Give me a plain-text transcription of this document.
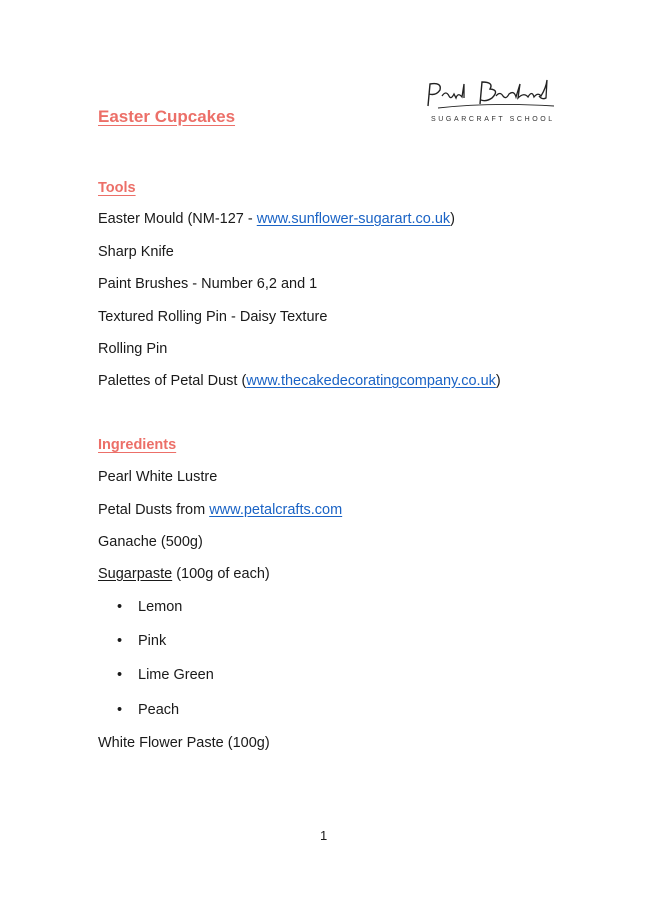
SUGARCRAFT SCHOOL
Easter Cupcakes
Tools
Easter Mould (NM-127 - www.sunflower-sugarart.co.uk)
Sharp Knife
Paint Brushes - Number 6,2 and 1
Textured Rolling Pin - Daisy Texture
Rolling Pin
Palettes of Petal Dust (www.thecakedecoratingcompany.co.uk)
Ingredients
Pearl White Lustre
Petal Dusts from www.petalcrafts.com
Ganache (500g)
Sugarpaste (100g of each)
• Lemon
• Pink
• Lime Green
• Peach
White Flower Paste (100g)
1
